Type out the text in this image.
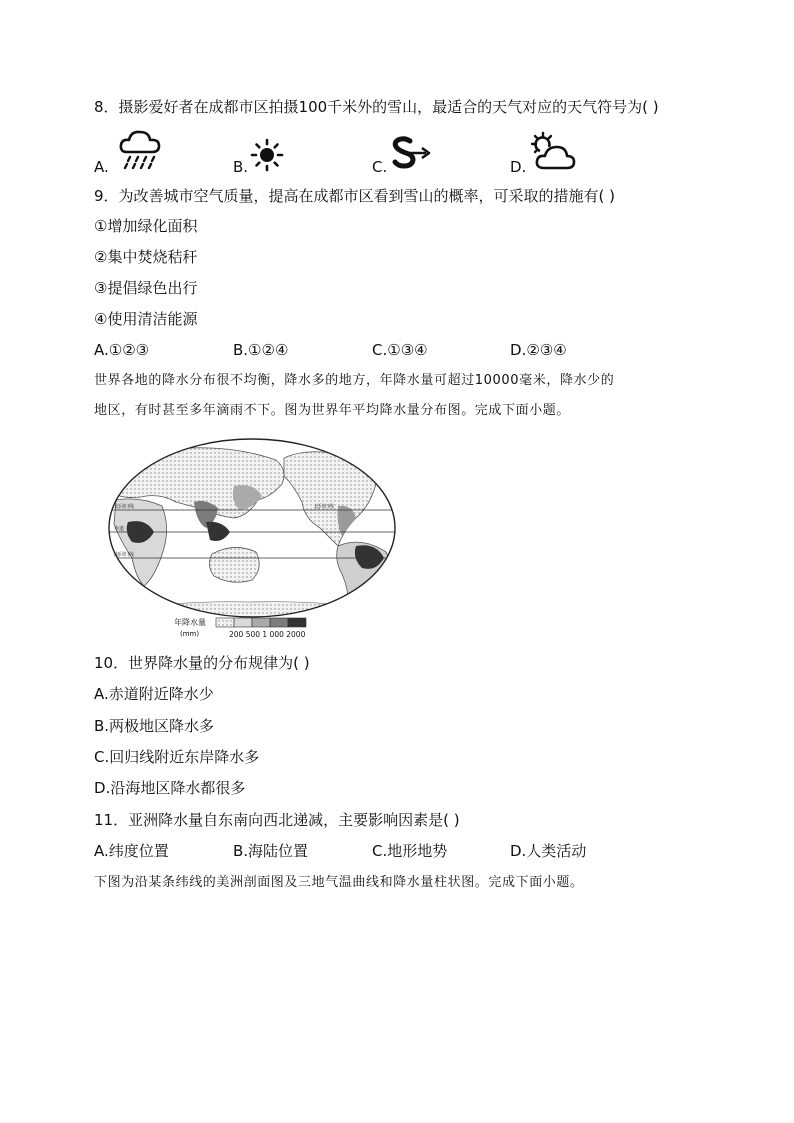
8．摄影爱好者在成都市区拍摄100千米外的雪山，最适合的天气对应的天气符号为( )
A.	B.	C.	D.
9．为改善城市空气质量，提高在成都市区看到雪山的概率，可采取的措施有( )
①增加绿化面积
②集中焚烧秸秆
③提倡绿色出行
④使用清洁能源
A.①②③	B.①②④	C.①③④	D.②③④
世界各地的降水分布很不均衡，降水多的地方，年降水量可超过10000毫米，降水少的
地区，有时甚至多年滴雨不下。图为世界年平均降水量分布图。完成下面小题。
北回归线	北回归线
赤道
南回归线
年降水量
(mm)	200 500 1 000 2000
10．世界降水量的分布规律为( )
A.赤道附近降水少
B.两极地区降水多
C.回归线附近东岸降水多
D.沿海地区降水都很多
11．亚洲降水量自东南向西北递减，主要影响因素是( )
A.纬度位置	B.海陆位置	C.地形地势	D.人类活动
下图为沿某条纬线的美洲剖面图及三地气温曲线和降水量柱状图。完成下面小题。
